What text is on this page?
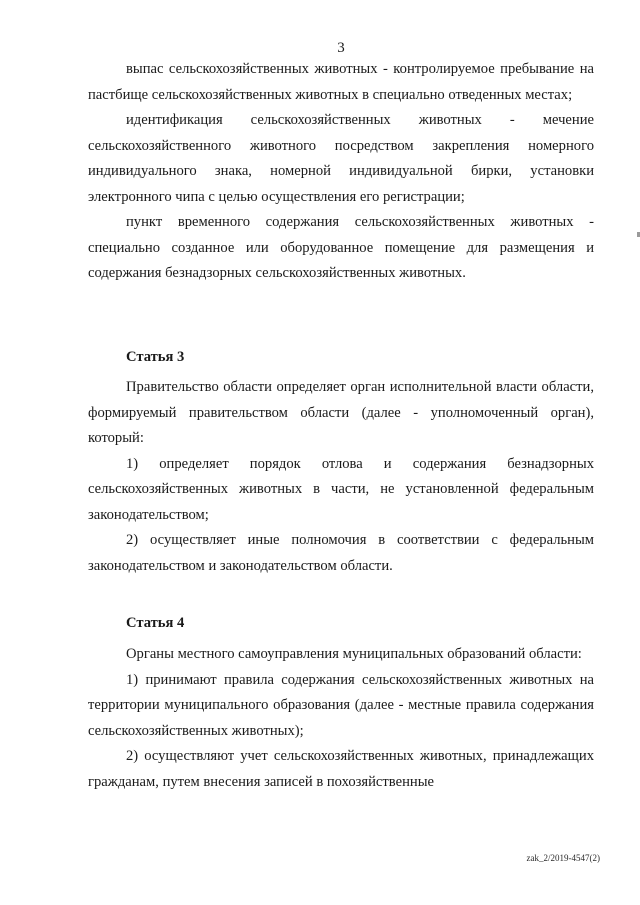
3

выпас сельскохозяйственных животных - контролируемое пребывание на пастбище сельскохозяйственных животных в специально отведенных местах;

идентификация сельскохозяйственных животных - мечение сельскохозяйственного животного посредством закрепления номерного индивидуального знака, номерной индивидуальной бирки, установки электронного чипа с целью осуществления его регистрации;

пункт временного содержания сельскохозяйственных животных - специально созданное или оборудованное помещение для размещения и содержания безнадзорных сельскохозяйственных животных.

Статья 3

Правительство области определяет орган исполнительной власти области, формируемый правительством области (далее - уполномоченный орган), который:

1) определяет порядок отлова и содержания безнадзорных сельскохозяйственных животных в части, не установленной федеральным законодательством;

2) осуществляет иные полномочия в соответствии с федеральным законодательством и законодательством области.

Статья 4

Органы местного самоуправления муниципальных образований области:

1) принимают правила содержания сельскохозяйственных животных на территории муниципального образования (далее - местные правила содержания сельскохозяйственных животных);

2) осуществляют учет сельскохозяйственных животных, принадлежащих гражданам, путем внесения записей в похозяйственные

zak_2/2019-4547(2)
